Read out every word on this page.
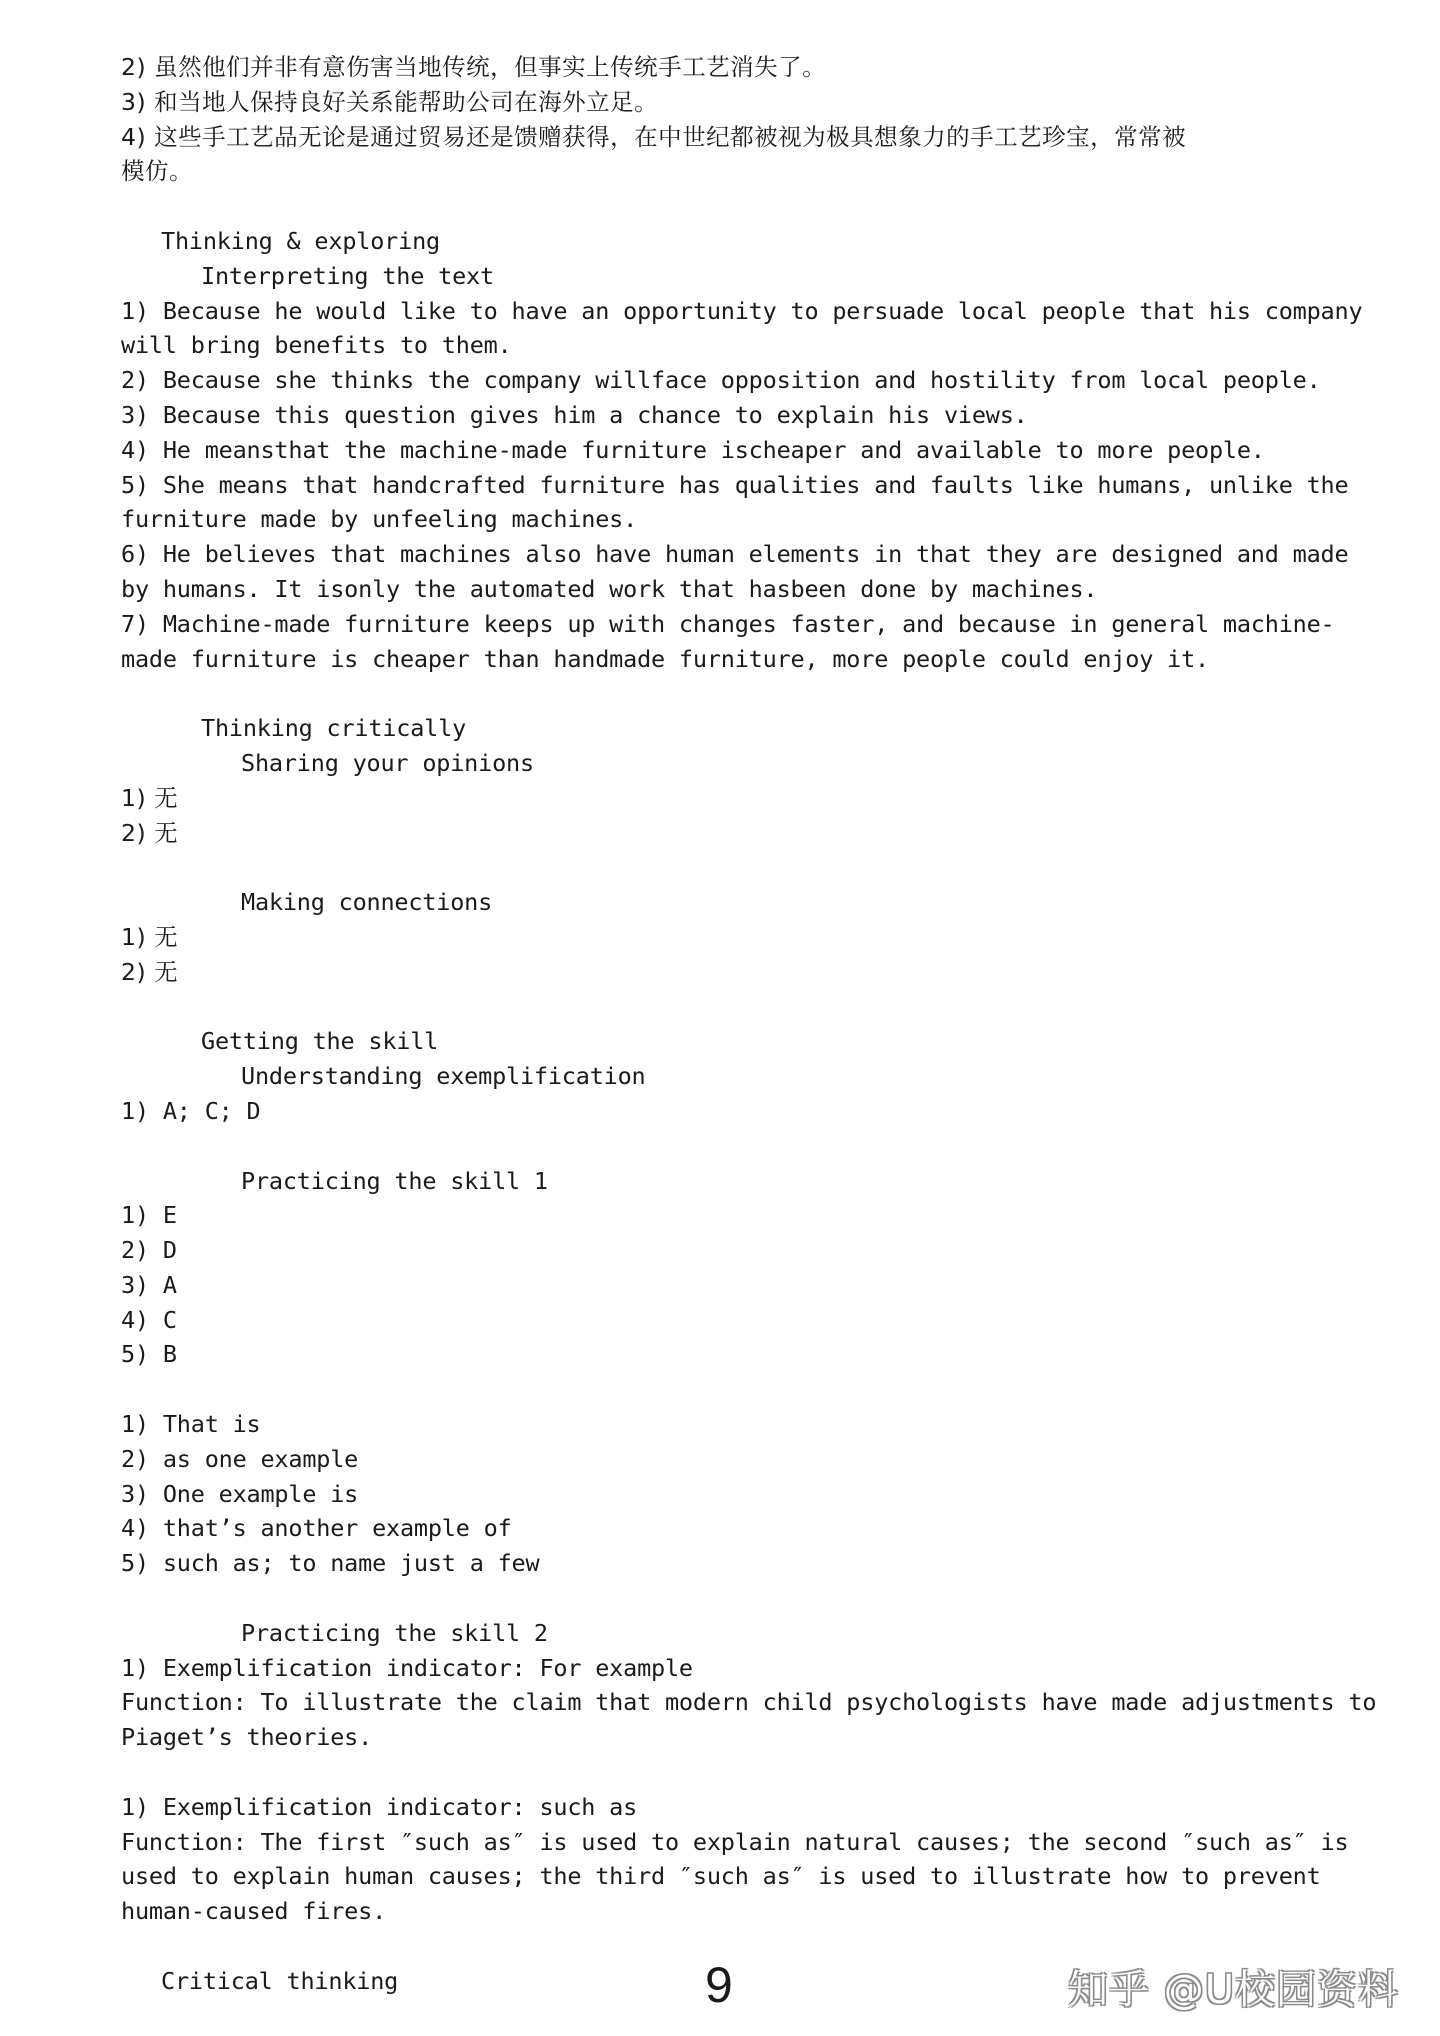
2) 虽然他们并非有意伤害当地传统，但事实上传统手工艺消失了。
3) 和当地人保持良好关系能帮助公司在海外立足。
4) 这些手工艺品无论是通过贸易还是馈赠获得，在中世纪都被视为极具想象力的手工艺珍宝，常常被
模仿。
Thinking & exploring
Interpreting the text
1) Because he would like to have an opportunity to persuade local people that his company
will bring benefits to them.
2) Because she thinks the company willface opposition and hostility from local people.
3) Because this question gives him a chance to explain his views.
4) He meansthat the machine-made furniture ischeaper and available to more people.
5) She means that handcrafted furniture has qualities and faults like humans, unlike the
furniture made by unfeeling machines.
6) He believes that machines also have human elements in that they are designed and made
by humans. It isonly the automated work that hasbeen done by machines.
7) Machine-made furniture keeps up with changes faster, and because in general machine-
made furniture is cheaper than handmade furniture, more people could enjoy it.
Thinking critically
Sharing your opinions
1) 无
2) 无
Making connections
1) 无
2) 无
Getting the skill
Understanding exemplification
1) A; C; D
Practicing the skill 1
1) E
2) D
3) A
4) C
5) B
1) That is
2) as one example
3) One example is
4) that’s another example of
5) such as; to name just a few
Practicing the skill 2
1) Exemplification indicator: For example
Function: To illustrate the claim that modern child psychologists have made adjustments to
Piaget’s theories.
1) Exemplification indicator: such as
Function: The first ″such as″ is used to explain natural causes; the second ″such as″ is
used to explain human causes; the third ″such as″ is used to illustrate how to prevent
human-caused fires.
Critical thinking	9	知乎 @U校园资料
